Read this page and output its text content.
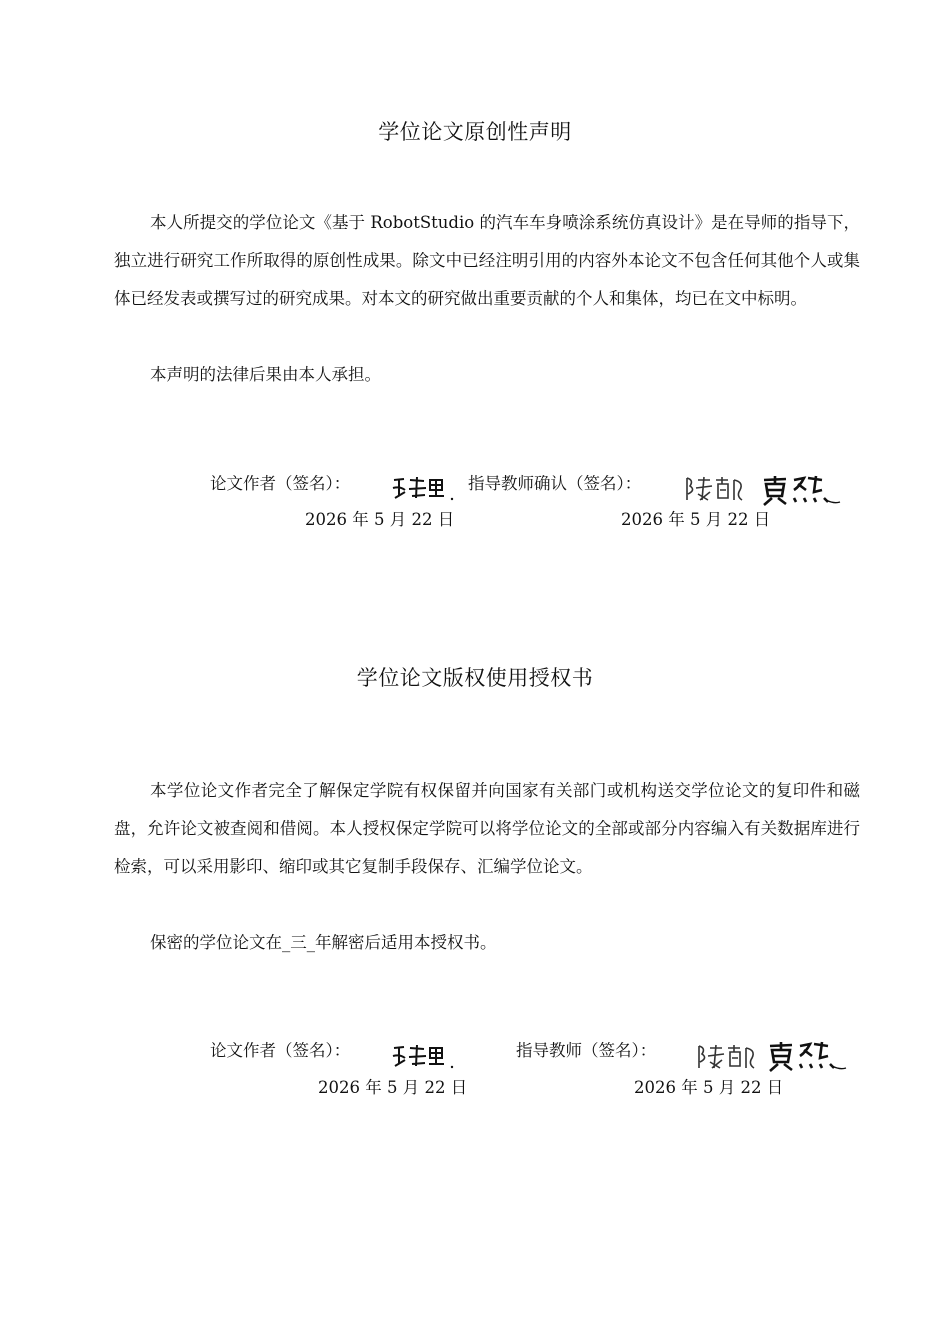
学位论文原创性声明

本人所提交的学位论文《基于 RobotStudio 的汽车车身喷涂系统仿真设计》是在导师的指导下，独立进行研究工作所取得的原创性成果。除文中已经注明引用的内容外本论文不包含任何其他个人或集体已经发表或撰写过的研究成果。对本文的研究做出重要贡献的个人和集体，均已在文中标明。

本声明的法律后果由本人承担。

论文作者（签名）：	指导教师确认（签名）：
2026 年 5 月 22 日	2026 年 5 月 22 日
学位论文版权使用授权书

本学位论文作者完全了解保定学院有权保留并向国家有关部门或机构送交学位论文的复印件和磁盘，允许论文被查阅和借阅。本人授权保定学院可以将学位论文的全部或部分内容编入有关数据库进行检索，可以采用影印、缩印或其它复制手段保存、汇编学位论文。

保密的学位论文在_三_年解密后适用本授权书。

论文作者（签名）：	指导教师（签名）：
2026 年 5 月 22 日	2026 年 5 月 22 日
